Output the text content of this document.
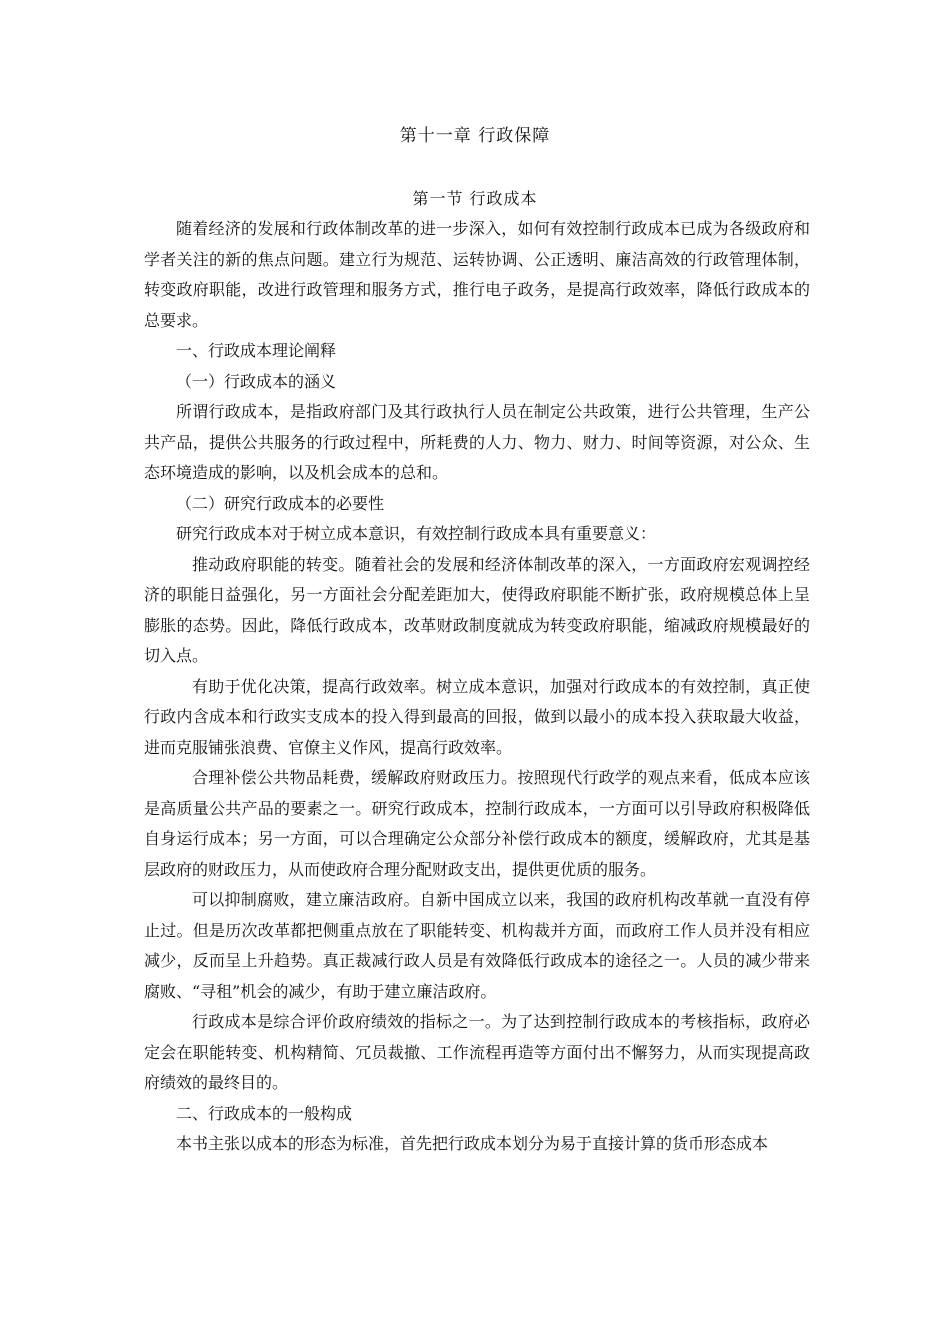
第十一章 行政保障
第一节 行政成本

随着经济的发展和行政体制改革的进一步深入，如何有效控制行政成本已成为各级政府和学者关注的新的焦点问题。建立行为规范、运转协调、公正透明、廉洁高效的行政管理体制，转变政府职能，改进行政管理和服务方式，推行电子政务，是提高行政效率，降低行政成本的总要求。

一、行政成本理论阐释

（一）行政成本的涵义

所谓行政成本，是指政府部门及其行政执行人员在制定公共政策，进行公共管理，生产公共产品，提供公共服务的行政过程中，所耗费的人力、物力、财力、时间等资源，对公众、生态环境造成的影响，以及机会成本的总和。

（二）研究行政成本的必要性

研究行政成本对于树立成本意识，有效控制行政成本具有重要意义：

推动政府职能的转变。随着社会的发展和经济体制改革的深入，一方面政府宏观调控经济的职能日益强化，另一方面社会分配差距加大，使得政府职能不断扩张，政府规模总体上呈膨胀的态势。因此，降低行政成本，改革财政制度就成为转变政府职能，缩减政府规模最好的切入点。

有助于优化决策，提高行政效率。树立成本意识，加强对行政成本的有效控制，真正使行政内含成本和行政实支成本的投入得到最高的回报，做到以最小的成本投入获取最大收益，进而克服铺张浪费、官僚主义作风，提高行政效率。

合理补偿公共物品耗费，缓解政府财政压力。按照现代行政学的观点来看，低成本应该是高质量公共产品的要素之一。研究行政成本，控制行政成本，一方面可以引导政府积极降低自身运行成本；另一方面，可以合理确定公众部分补偿行政成本的额度，缓解政府，尤其是基层政府的财政压力，从而使政府合理分配财政支出，提供更优质的服务。

可以抑制腐败，建立廉洁政府。自新中国成立以来，我国的政府机构改革就一直没有停止过。但是历次改革都把侧重点放在了职能转变、机构裁并方面，而政府工作人员并没有相应减少，反而呈上升趋势。真正裁减行政人员是有效降低行政成本的途径之一。人员的减少带来腐败、“寻租”机会的减少，有助于建立廉洁政府。

行政成本是综合评价政府绩效的指标之一。为了达到控制行政成本的考核指标，政府必定会在职能转变、机构精简、冗员裁撤、工作流程再造等方面付出不懈努力，从而实现提高政府绩效的最终目的。

二、行政成本的一般构成

本书主张以成本的形态为标准，首先把行政成本划分为易于直接计算的货币形态成本
